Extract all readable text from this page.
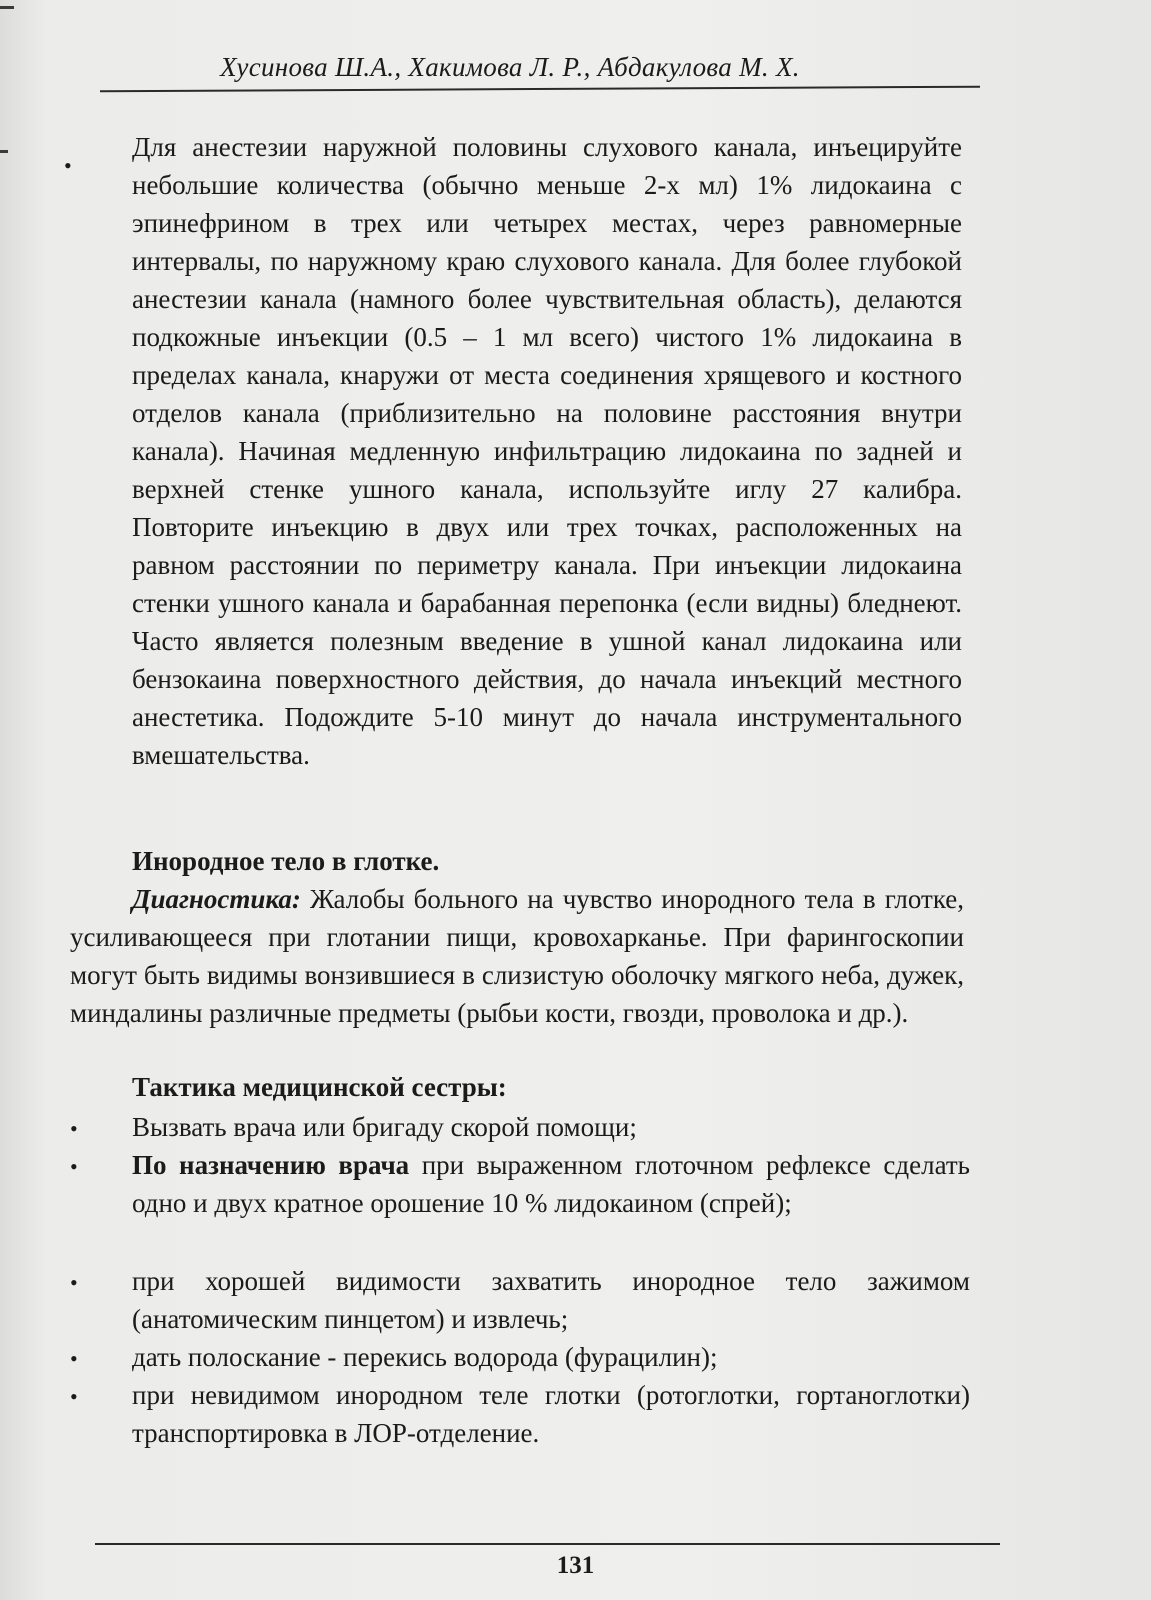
Хусинова Ш.А., Хакимова Л. Р., Абдакулова М. Х.
•

Для анестезии наружной половины слухового канала, инъецируйте небольшие количества (обычно меньше 2-х мл) 1% лидокаина с эпинефрином в трех или четырех местах, через равномерные интервалы, по наружному краю слухового канала. Для более глубокой анестезии канала (намного более чувствительная область), делаются подкожные инъекции (0.5 – 1 мл всего) чистого 1% лидокаина в пределах канала, кнаружи от места соединения хрящевого и костного отделов канала (приблизительно на половине расстояния внутри канала). Начиная медленную инфильтрацию лидокаина по задней и верхней стенке ушного канала, используйте иглу 27 калибра. Повторите инъекцию в двух или трех точках, расположенных на равном расстоянии по периметру канала. При инъекции лидокаина стенки ушного канала и барабанная перепонка (если видны) бледнеют. Часто является полезным введение в ушной канал лидокаина или бензокаина поверхностного действия, до начала инъекций местного анестетика. Подождите 5-10 минут до начала инструментального вмешательства.

Инородное тело в глотке.

Диагностика: Жалобы больного на чувство инородного тела в глотке, усиливающееся при глотании пищи, кровохарканье. При фарингоскопии могут быть видимы вонзившиеся в слизистую оболочку мягкого неба, дужек, миндалины различные предметы (рыбьи кости, гвозди, проволока и др.).

Тактика медицинской сестры:
• Вызвать врача или бригаду скорой помощи;

• По назначению врача при выраженном глоточном рефлексе сделать одно и двух кратное орошение 10 % лидокаином (спрей);

• при хорошей видимости захватить инородное тело зажимом (анатомическим пинцетом) и извлечь;

• дать полоскание - перекись водорода (фурацилин);

• при невидимом инородном теле глотки (ротоглотки, гортаноглотки) транспортировка в ЛОР-отделение.

131
